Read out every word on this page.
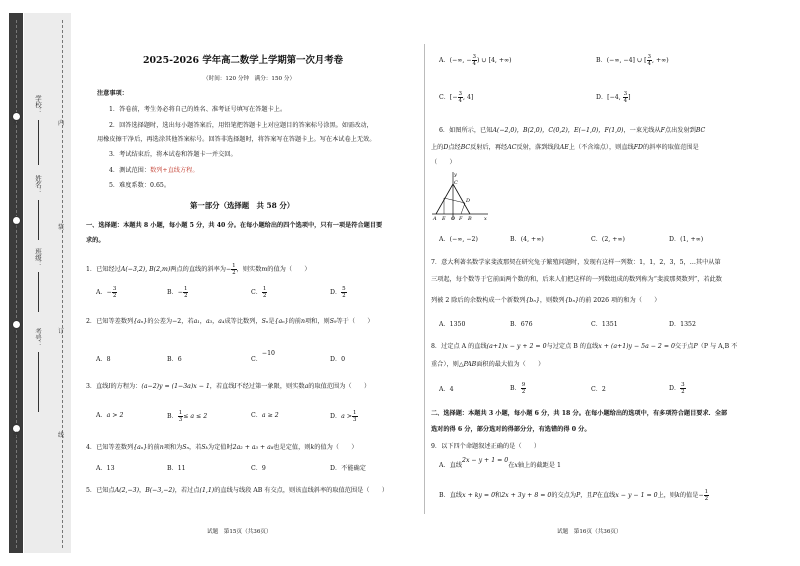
外
装
订
线
内
装
订
线
学校：
姓名：
班级：
考号：
2025-2026 学年高二数学上学期第一次月考卷
（时间：120 分钟　满分：150 分）
注意事项：
1．答卷前，考生务必将自己的姓名、准考证号填写在答题卡上。
2．回答选择题时，选出每小题答案后，用铅笔把答题卡上对应题目的答案标号涂黑。如需改动，
用橡皮擦干净后，再选涂其他答案标号。回答非选择题时，将答案写在答题卡上。写在本试卷上无效。
3．考试结束后，将本试卷和答题卡一并交回。
4．测试范围：数列+直线方程。
5．难度系数：0.65。
第一部分（选择题　共 58 分）
一、选择题：本题共 8 小题，每小题 5 分，共 40 分。在每小题给出的四个选项中，只有一项是符合题目要
求的。
1．已知经过A(−3,2), B(2,m)两点的直线的斜率为− $\frac{1}{2}$ ，则实数m的值为（　　）
A．− $\frac{3}{2}$	B．− $\frac{1}{2}$	C． $\frac{1}{2}$	D． $\frac{5}{2}$
2．已知等差数列{aₙ}的公差为−2，若a₁，a₃，a₄成等比数列，Sₙ是{aₙ}的前n项和，则S₉等于（　　）
A．8	B．6	C．−10
D．0
3．直线l的方程为：(a−2)y = (1−3a)x − 1，若直线l不经过第一象限，则实数a的取值范围为（　　）
A．a > 2	B． $\frac{1}{3} \le a \le 2$	C．a ≥ 2	D．$a > \frac{1}{3}$
4．已知等差数列{aₙ}的前n项和为Sₙ，若Sₖ为定值时2a₂ + a₃ + a₈也是定值，则k的值为（　　）
A．13	B．11	C．9	D．不能确定
5．已知点A(2,−3)，B(−3,−2)，若过点(1,1)的直线与线段 AB 有交点，则该直线斜率的取值范围是（　　）
试题　第15页（共36页）
A．(−∞, − $\frac{3}{4}$ ) ∪ [4, +∞)	B．(−∞, −4] ∪ [ $\frac{3}{4}$ , +∞)
C．[− $\frac{3}{4}$ , 4]	D．[−4, $\frac{3}{4}$ ]
6．如图所示，已知A(−2,0)，B(2,0)，C(0,2)，E(−1,0)，F(1,0)，一束光线从F点出发射到BC
上的D点经BC反射后，再经AC反射，落到线段AE上（不含端点），则直线FD的斜率的取值范围是
（　　）
y
C
D
A E O F B x
A．(−∞, −2)	B．(4, +∞)	C．(2, +∞)	D．(1, +∞)
7．意大利著名数学家斐波那契在研究兔子繁殖问题时，发现有这样一列数：1，1，2，3，5，…其中从第
三项起，每个数等于它前面两个数的和，后来人们把这样的一列数组成的数列称为“斐波那契数列”，若此数
列被 2 除后的余数构成一个新数列{bₙ}，则数列{bₙ}的前 2026 项的和为（　　）
A．1350	B．676	C．1351	D．1352
8．过定点 A 的直线(a+1)x − y + 2 = 0与过定点 B 的直线x + (a+1)y − 5a − 2 = 0交于点P（P 与 A,B 不
重合），则△PAB面积的最大值为（　　）
A．4	B． $\frac{9}{2}$	C．2	D． $\frac{3}{2}$
二、选择题：本题共 3 小题，每小题 6 分，共 18 分。在每小题给出的选项中，有多项符合题目要求．全部
选对的得 6 分，部分选对的得部分分，有选错的得 0 分。
9．以下四个命题叙述正确的是（　　）
A．直线2x − y + 1 = 0在x轴上的截距是 1
B．直线x + ky = 0和2x + 3y + 8 = 0的交点为P，且P在直线x − y − 1 = 0上，则k的值是− $\frac{1}{2}$
试题　第16页（共36页）
